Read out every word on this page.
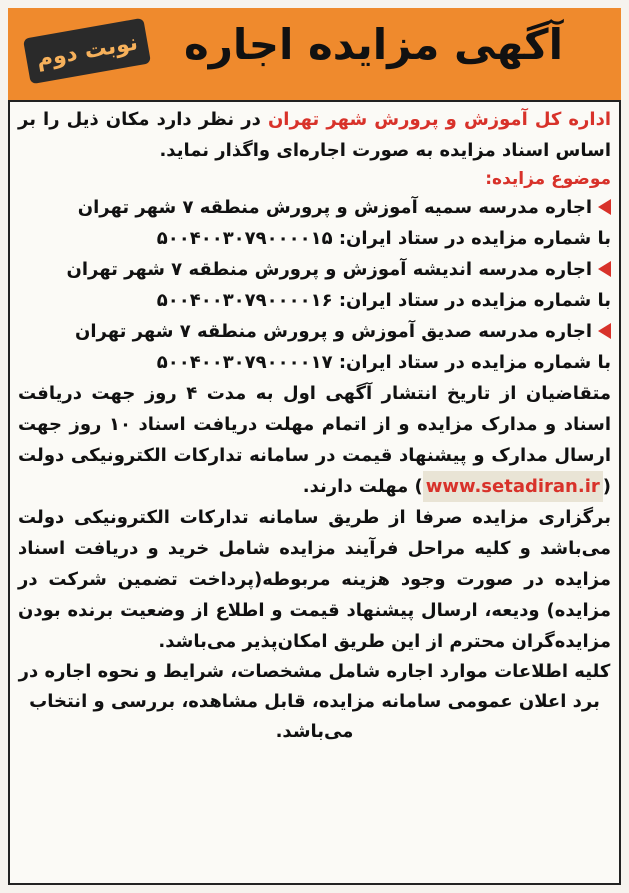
آگهی مزایده اجاره
نوبت دوم

اداره کل آموزش و پرورش شهر تهران در نظر دارد مکان ذیل را بر اساس اسناد مزایده به صورت اجاره‌ای واگذار نماید.

موضوع مزایده:

اجاره مدرسه سمیه آموزش و پرورش منطقه ۷ شهر تهران
با شماره مزایده در ستاد ایران: ۵۰۰۴۰۰۳۰۷۹۰۰۰۰۱۵

اجاره مدرسه اندیشه آموزش و پرورش منطقه ۷ شهر تهران
با شماره مزایده در ستاد ایران: ۵۰۰۴۰۰۳۰۷۹۰۰۰۰۱۶

اجاره مدرسه صدیق آموزش و پرورش منطقه ۷ شهر تهران
با شماره مزایده در ستاد ایران: ۵۰۰۴۰۰۳۰۷۹۰۰۰۰۱۷

متقاضیان از تاریخ انتشار آگهی اول به مدت ۴ روز جهت دریافت اسناد و مدارک مزایده و از اتمام مهلت دریافت اسناد ۱۰ روز جهت ارسال مدارک و پیشنهاد قیمت در سامانه تدارکات الکترونیکی دولت (www.setadiran.ir) مهلت دارند.

برگزاری مزایده صرفا از طریق سامانه تدارکات الکترونیکی دولت می‌باشد و کلیه مراحل فرآیند مزایده شامل خرید و دریافت اسناد مزایده در صورت وجود هزینه مربوطه(پرداخت تضمین شرکت در مزایده) ودیعه، ارسال پیشنهاد قیمت و اطلاع از وضعیت برنده بودن مزایده‌گران محترم از این طریق امکان‌پذیر می‌باشد.

کلیه اطلاعات موارد اجاره شامل مشخصات، شرایط و نحوه اجاره در برد اعلان عمومی سامانه مزایده، قابل مشاهده، بررسی و انتخاب می‌باشد.
